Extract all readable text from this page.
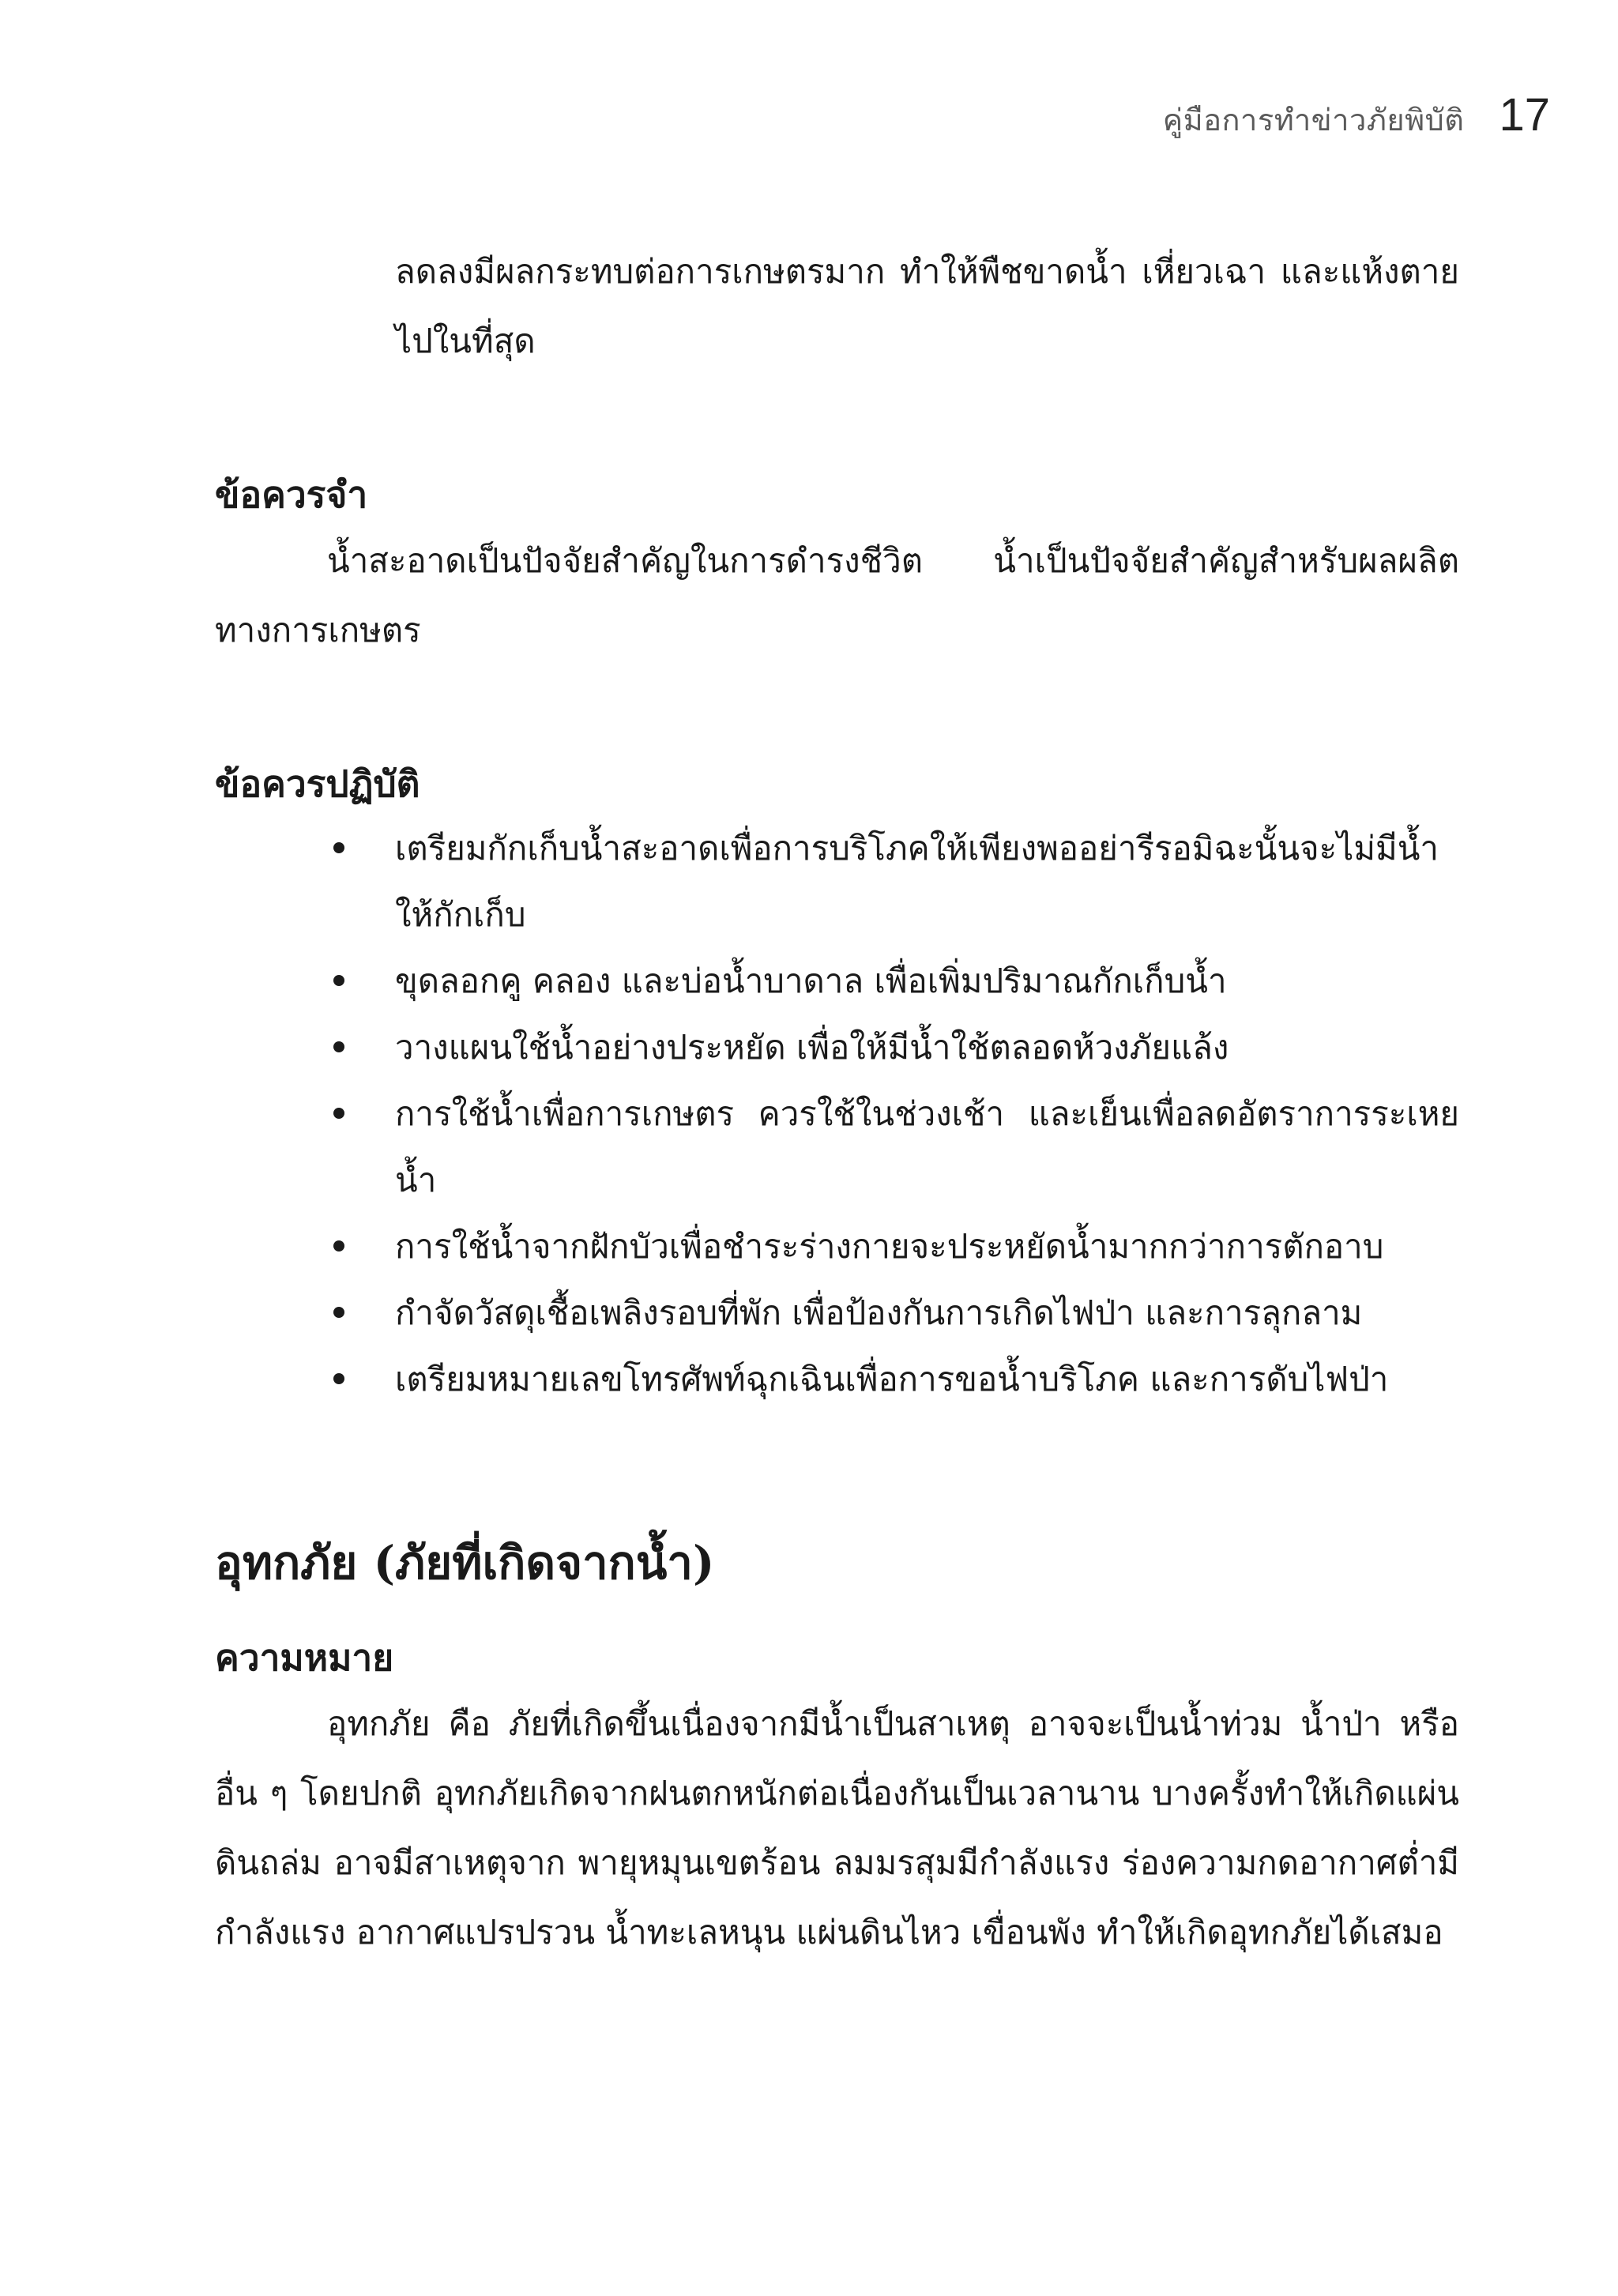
คู่มือการทำข่าวภัยพิบัติ 17

ลดลงมีผลกระทบต่อการเกษตรมาก ทำให้พืชขาดน้ำ เหี่ยวเฉา และแห้งตายไปในที่สุด

ข้อควรจำ

น้ำสะอาดเป็นปัจจัยสำคัญในการดำรงชีวิต น้ำเป็นปัจจัยสำคัญสำหรับผลผลิตทางการเกษตร

ข้อควรปฏิบัติ
เตรียมกักเก็บน้ำสะอาดเพื่อการบริโภคให้เพียงพออย่ารีรอมิฉะนั้นจะไม่มีน้ำให้กักเก็บ
ขุดลอกคู คลอง และบ่อน้ำบาดาล เพื่อเพิ่มปริมาณกักเก็บน้ำ
วางแผนใช้น้ำอย่างประหยัด เพื่อให้มีน้ำใช้ตลอดห้วงภัยแล้ง
การใช้น้ำเพื่อการเกษตร ควรใช้ในช่วงเช้า และเย็นเพื่อลดอัตราการระเหยน้ำ
การใช้น้ำจากฝักบัวเพื่อชำระร่างกายจะประหยัดน้ำมากกว่าการตักอาบ
กำจัดวัสดุเชื้อเพลิงรอบที่พัก เพื่อป้องกันการเกิดไฟป่า และการลุกลาม
เตรียมหมายเลขโทรศัพท์ฉุกเฉินเพื่อการขอน้ำบริโภค และการดับไฟป่า
อุทกภัย (ภัยที่เกิดจากน้ำ)
ความหมาย

อุทกภัย คือ ภัยที่เกิดขึ้นเนื่องจากมีน้ำเป็นสาเหตุ อาจจะเป็นน้ำท่วม น้ำป่า หรืออื่น ๆ โดยปกติ อุทกภัยเกิดจากฝนตกหนักต่อเนื่องกันเป็นเวลานาน บางครั้งทำให้เกิดแผ่นดินถล่ม อาจมีสาเหตุจาก พายุหมุนเขตร้อน ลมมรสุมมีกำลังแรง ร่องความกดอากาศต่ำมีกำลังแรง อากาศแปรปรวน น้ำทะเลหนุน แผ่นดินไหว เขื่อนพัง ทำให้เกิดอุทกภัยได้เสมอ
